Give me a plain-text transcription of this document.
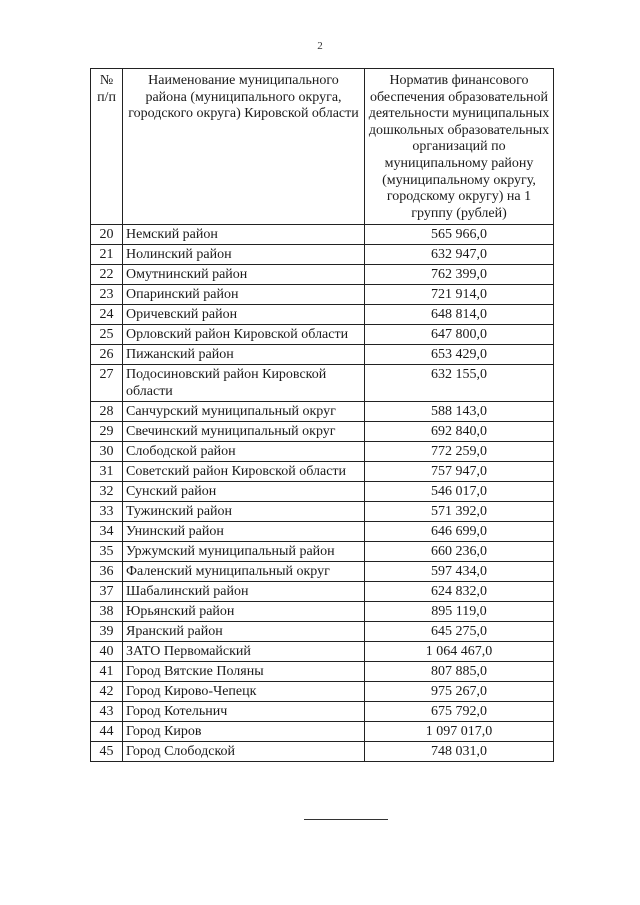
2
№ п/п	Наименование муниципального района (муниципального округа, городского округа) Кировской области	Норматив финансового обеспечения образовательной деятельности муниципальных дошкольных образовательных организаций по муниципальному району (муниципальному округу, городскому округу) на 1 группу (рублей)
20	Немский район	565 966,0
21	Нолинский район	632 947,0
22	Омутнинский район	762 399,0
23	Опаринский район	721 914,0
24	Оричевский район	648 814,0
25	Орловский район Кировской области	647 800,0
26	Пижанский район	653 429,0
27	Подосиновский район Кировской области	632 155,0
28	Санчурский муниципальный округ	588 143,0
29	Свечинский муниципальный округ	692 840,0
30	Слободской район	772 259,0
31	Советский район Кировской области	757 947,0
32	Сунский район	546 017,0
33	Тужинский район	571 392,0
34	Унинский район	646 699,0
35	Уржумский муниципальный район	660 236,0
36	Фаленский муниципальный округ	597 434,0
37	Шабалинский район	624 832,0
38	Юрьянский район	895 119,0
39	Яранский район	645 275,0
40	ЗАТО Первомайский	1 064 467,0
41	Город Вятские Поляны	807 885,0
42	Город Кирово-Чепецк	975 267,0
43	Город Котельнич	675 792,0
44	Город Киров	1 097 017,0
45	Город Слободской	748 031,0
